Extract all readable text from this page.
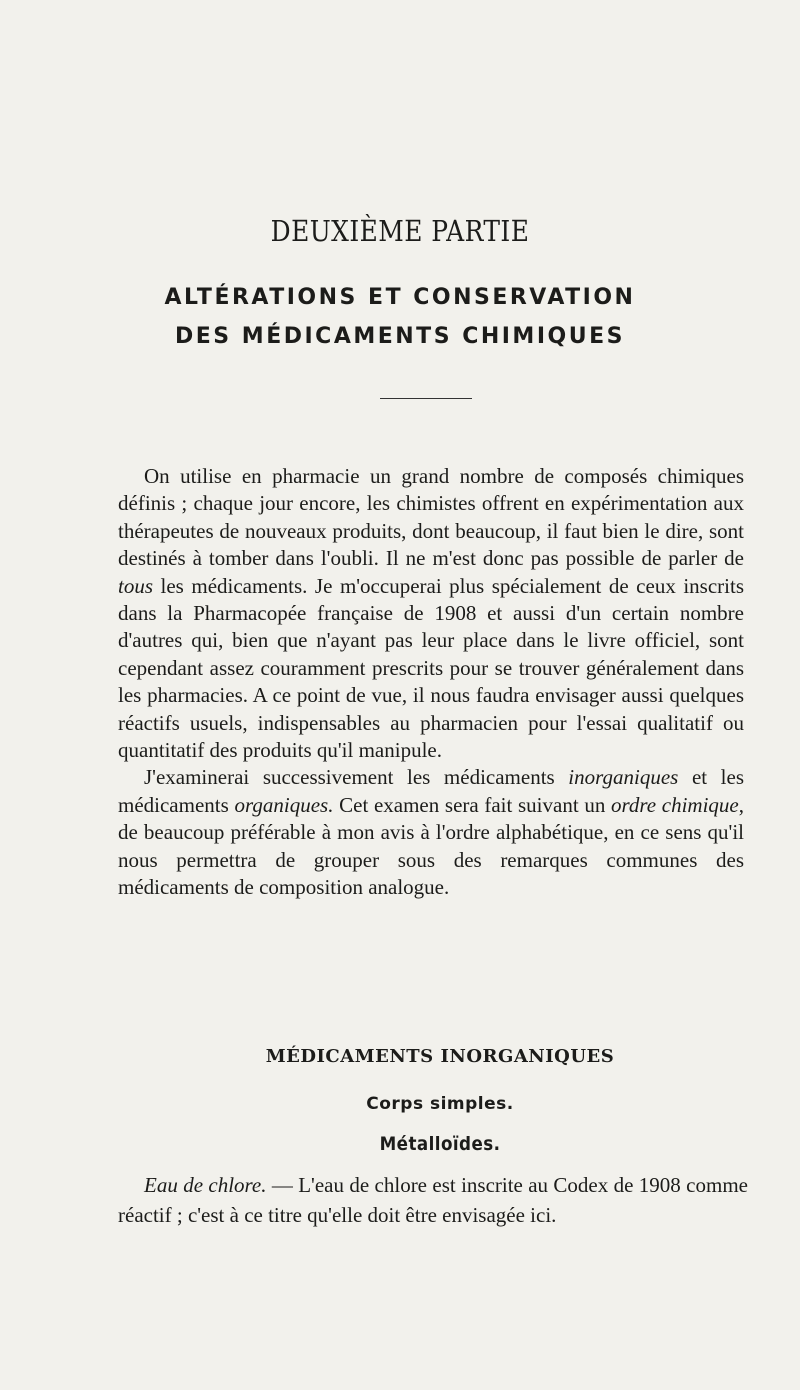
DEUXIÈME PARTIE
ALTÉRATIONS ET CONSERVATION
DES MÉDICAMENTS CHIMIQUES

On utilise en pharmacie un grand nombre de composés chimiques définis ; chaque jour encore, les chimistes offrent en expérimentation aux thérapeutes de nouveaux produits, dont beaucoup, il faut bien le dire, sont destinés à tomber dans l'oubli. Il ne m'est donc pas possible de parler de tous les médicaments. Je m'occuperai plus spécialement de ceux inscrits dans la Pharmacopée française de 1908 et aussi d'un certain nombre d'autres qui, bien que n'ayant pas leur place dans le livre officiel, sont cependant assez couramment prescrits pour se trouver généralement dans les pharmacies. A ce point de vue, il nous faudra envisager aussi quelques réactifs usuels, indispensables au pharmacien pour l'essai qualitatif ou quantitatif des produits qu'il manipule.

J'examinerai successivement les médicaments inorganiques et les médicaments organiques. Cet examen sera fait suivant un ordre chimique, de beaucoup préférable à mon avis à l'ordre alphabétique, en ce sens qu'il nous permettra de grouper sous des remarques communes des médicaments de composition analogue.

MÉDICAMENTS INORGANIQUES
Corps simples.
Métalloïdes.

Eau de chlore. — L'eau de chlore est inscrite au Codex de 1908 comme réactif ; c'est à ce titre qu'elle doit être envisagée ici.
